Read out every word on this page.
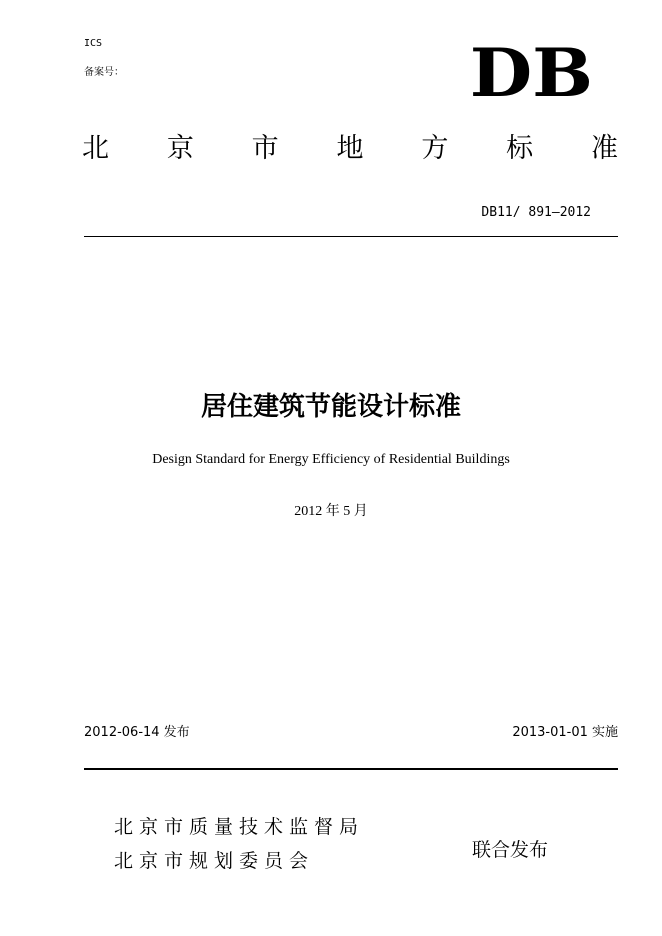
ICS
备案号：	DB
北 京 市 地 方 标 准
DB11/ 891—2012
居住建筑节能设计标准
Design Standard for Energy Efficiency of Residential Buildings
2012 年 5 月
2012-06-14 发布	2013-01-01 实施
北京市质量技术监督局
北京市规划委员会	联合发布
